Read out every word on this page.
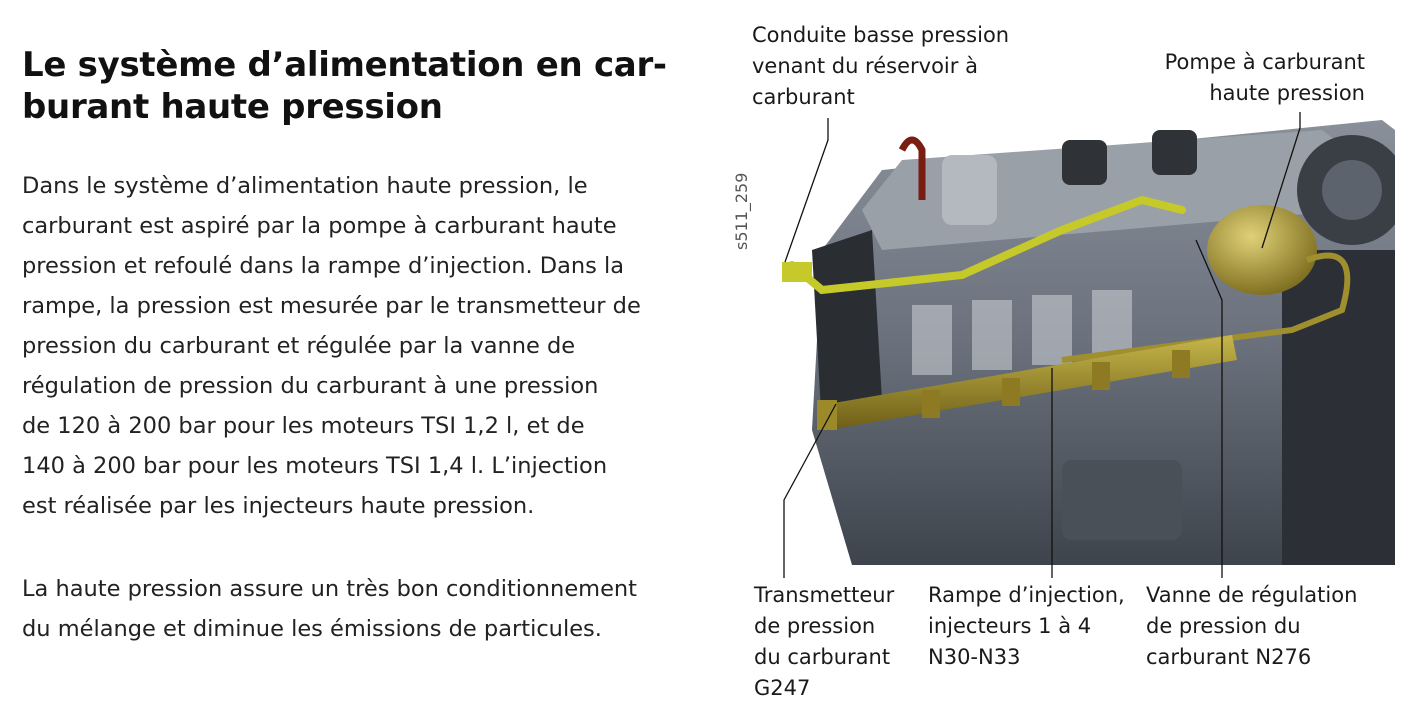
Le système d’alimentation en car-
burant haute pression
Dans le système d’alimentation haute pression, le
carburant est aspiré par la pompe à carburant haute
pression et refoulé dans la rampe d’injection. Dans la
rampe, la pression est mesurée par le transmetteur de
pression du carburant et régulée par la vanne de
régulation de pression du carburant à une pression
de 120 à 200 bar pour les moteurs TSI 1,2 l, et de
140 à 200 bar pour les moteurs TSI 1,4 l. L’injection
est réalisée par les injecteurs haute pression.
La haute pression assure un très bon conditionnement
du mélange et diminue les émissions de particules.
s511_259
Conduite basse pression
venant du réservoir à
carburant
Pompe à carburant
haute pression
Transmetteur
de pression
du carburant
G247
Rampe d’injection,
injecteurs 1 à 4
N30-N33
Vanne de régulation
de pression du
carburant N276
